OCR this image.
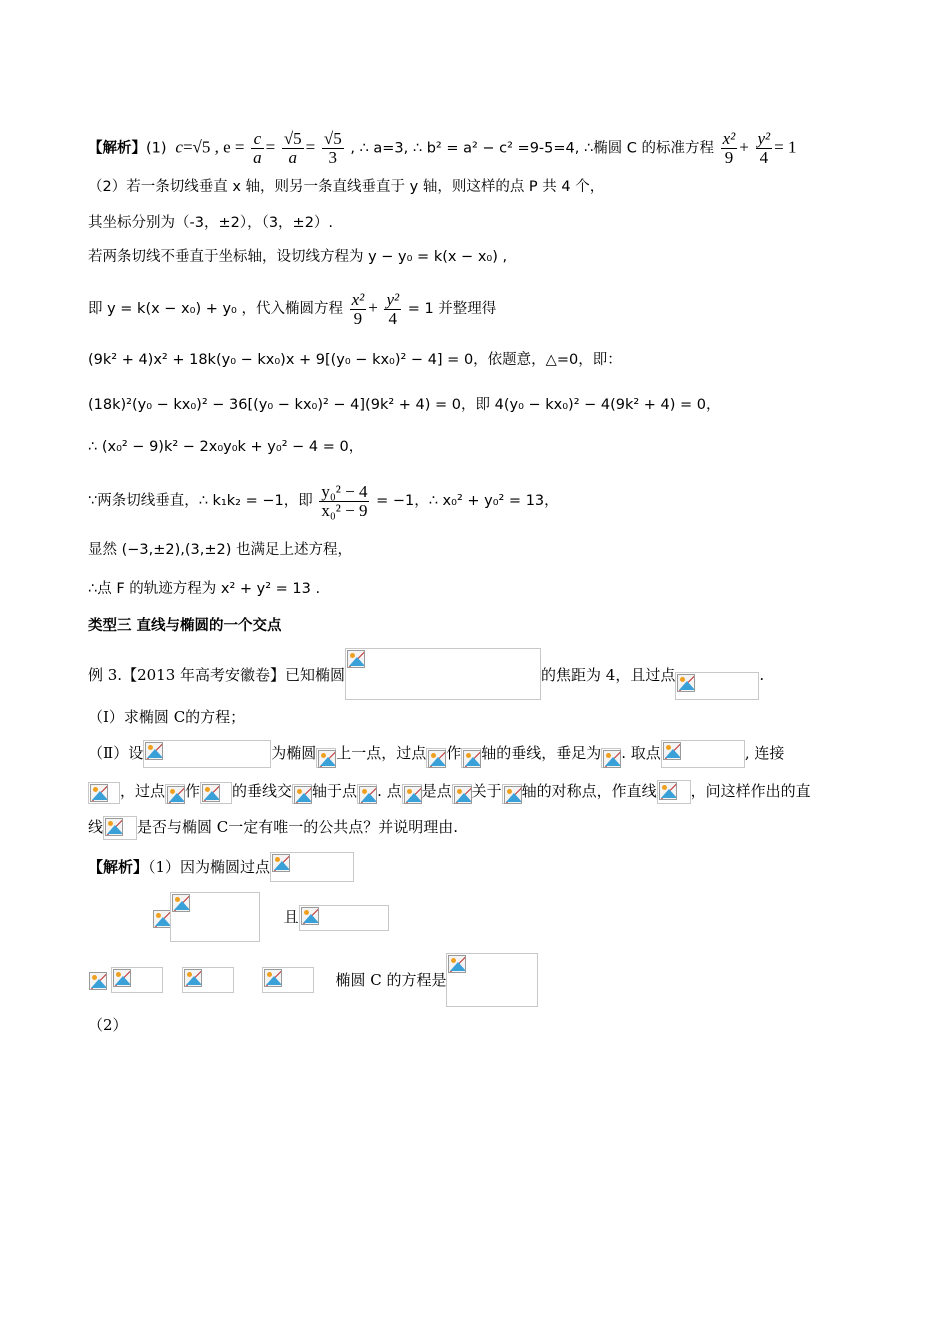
【解析】(1) c=√5 , $e = \frac{c}{a} = \frac{√5}{a} = \frac{√5}{3}$ , ∴ a=3, ∴ b² = a² − c² =9-5=4, ∴椭圆 C 的标准方程 $\frac{\text{x²}}{9} + \frac{\text{y²}}{4} = 1$
（2）若一条切线垂直 x 轴，则另一条直线垂直于 y 轴，则这样的点 P 共 4 个，
其坐标分别为（-3，±2），（3，±2）.
若两条切线不垂直于坐标轴，设切线方程为 y − y₀ = k(x − x₀) ,
即 y = k(x − x₀) + y₀ ，代入椭圆方程 $\frac{\text{x²}}{9} + \frac{\text{y²}}{4} = 1$ 并整理得
(9k² + 4)x² + 18k(y₀ − kx₀)x + 9[(y₀ − kx₀)² − 4] = 0，依题意，△=0，即：
(18k)²(y₀ − kx₀)² − 36[(y₀ − kx₀)² − 4](9k² + 4) = 0，即 4(y₀ − kx₀)² − 4(9k² + 4) = 0，
∴ (x₀² − 9)k² − 2x₀y₀k + y₀² − 4 = 0，
∵两条切线垂直，∴ k₁k₂ = −1，即 $\frac{\text{y₀² − 4}}{\text{x₀² − 9}} = -1$，∴ x₀² + y₀² = 13，
显然 (−3,±2),(3,±2) 也满足上述方程，
∴点 F 的轨迹方程为 x² + y² = 13 .
类型三 直线与椭圆的一个交点
例 3.【2013 年高考安徽卷】已知椭圆	的焦距为 4，且过点	.
（Ⅰ）求椭圆 C的方程；
（Ⅱ）设	为椭圆 上一点，过点 作 轴的垂线，垂足为 . 取点	, 连接
，过点 作 的垂线交 轴于点 . 点 是点 关于 轴的对称点，作直线 ，问这样作出的直
线 是否与椭圆 C一定有唯一的公共点？并说明理由.
【解析】（1）因为椭圆过点
且

椭圆 C 的方程是
（2）
